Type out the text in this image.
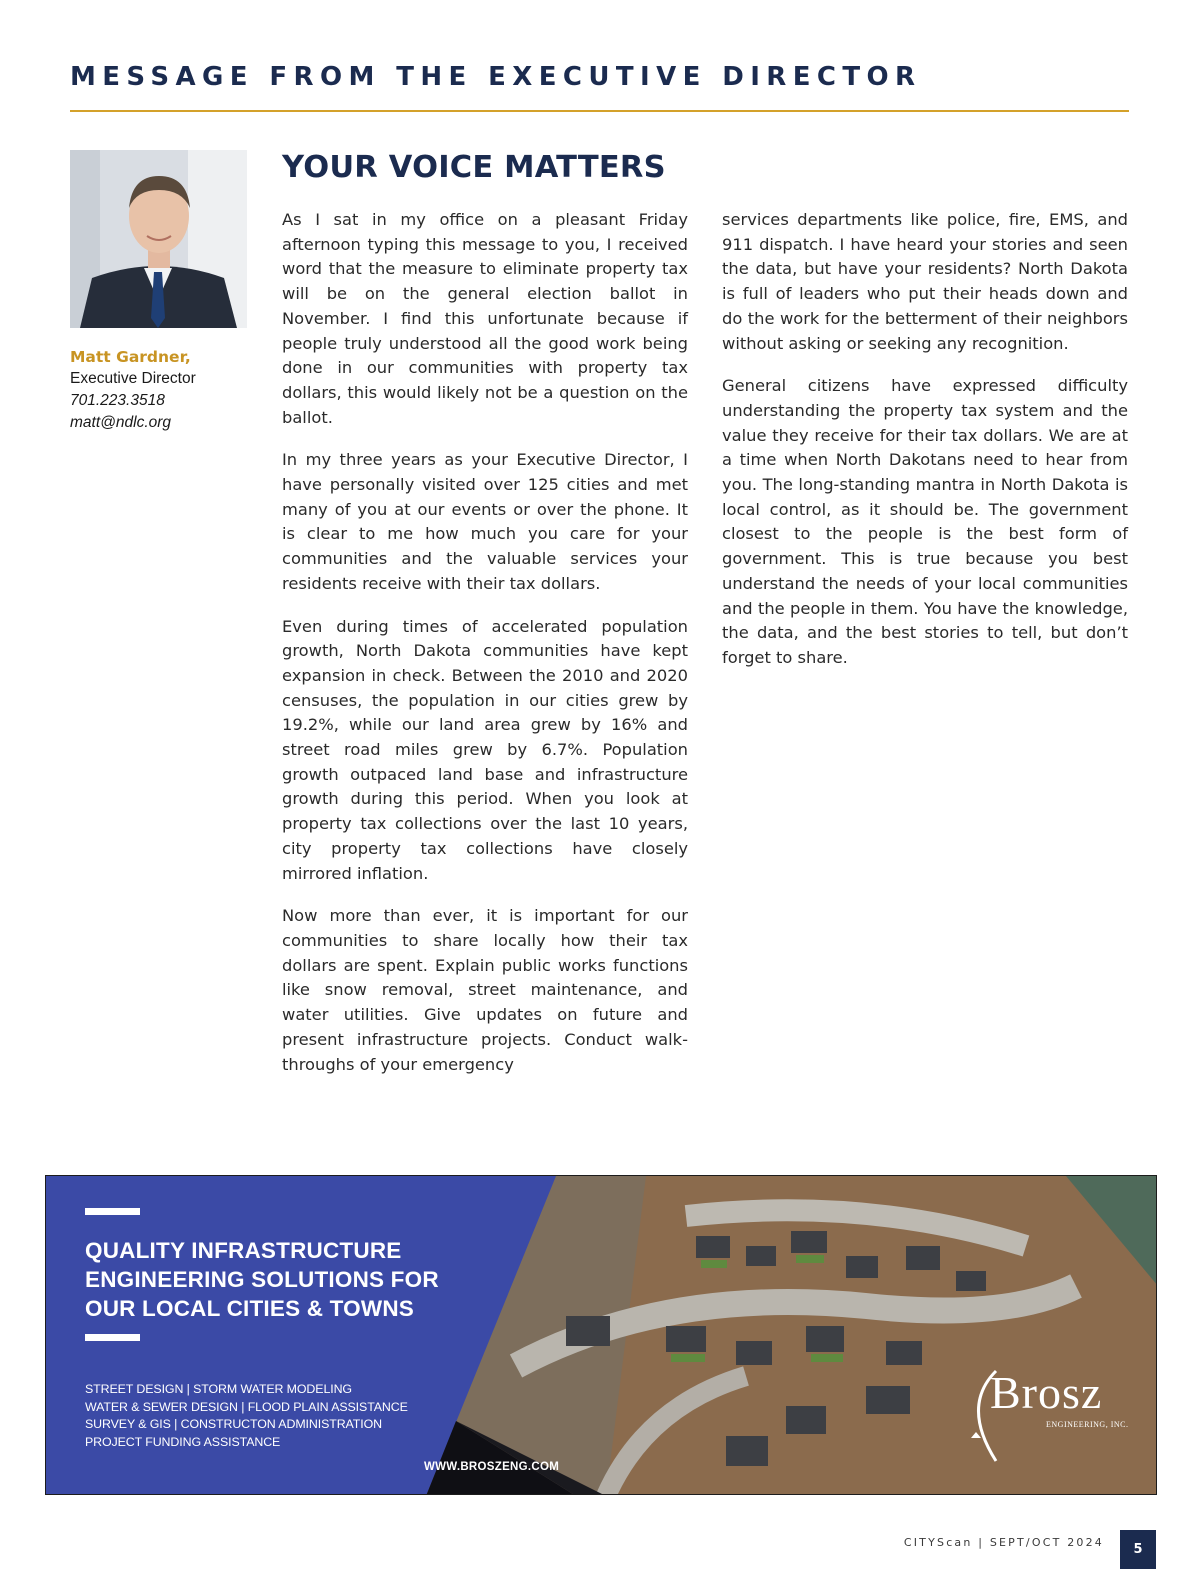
MESSAGE FROM THE EXECUTIVE DIRECTOR
Matt Gardner,
Executive Director
701.223.3518
matt@ndlc.org
YOUR VOICE MATTERS

As I sat in my office on a pleasant Friday afternoon typing this message to you, I received word that the measure to eliminate property tax will be on the general election ballot in November. I find this unfortunate because if people truly understood all the good work being done in our communities with property tax dollars, this would likely not be a question on the ballot.

In my three years as your Executive Director, I have personally visited over 125 cities and met many of you at our events or over the phone. It is clear to me how much you care for your communities and the valuable services your residents receive with their tax dollars.

Even during times of accelerated population growth, North Dakota communities have kept expansion in check. Between the 2010 and 2020 censuses, the population in our cities grew by 19.2%, while our land area grew by 16% and street road miles grew by 6.7%. Population growth outpaced land base and infrastructure growth during this period. When you look at property tax collections over the last 10 years, city property tax collections have closely mirrored inflation.

Now more than ever, it is important for our communities to share locally how their tax dollars are spent. Explain public works functions like snow removal, street maintenance, and water utilities. Give updates on future and present infrastructure projects. Conduct walk-throughs of your emergency

services departments like police, fire, EMS, and 911 dispatch. I have heard your stories and seen the data, but have your residents? North Dakota is full of leaders who put their heads down and do the work for the betterment of their neighbors without asking or seeking any recognition.

General citizens have expressed difficulty understanding the property tax system and the value they receive for their tax dollars. We are at a time when North Dakotans need to hear from you. The long-standing mantra in North Dakota is local control, as it should be. The government closest to the people is the best form of government. This is true because you best understand the needs of your local communities and the people in them. You have the knowledge, the data, and the best stories to tell, but don’t forget to share.

QUALITY INFRASTRUCTURE
ENGINEERING SOLUTIONS FOR
OUR LOCAL CITIES & TOWNS
STREET DESIGN | STORM WATER MODELING
WATER & SEWER DESIGN | FLOOD PLAIN ASSISTANCE
SURVEY & GIS | CONSTRUCTON ADMINISTRATION
PROJECT FUNDING ASSISTANCE
WWW.BROSZENG.COM
Brosz
ENGINEERING, INC.
CITYScan | SEPT/OCT 2024	5
